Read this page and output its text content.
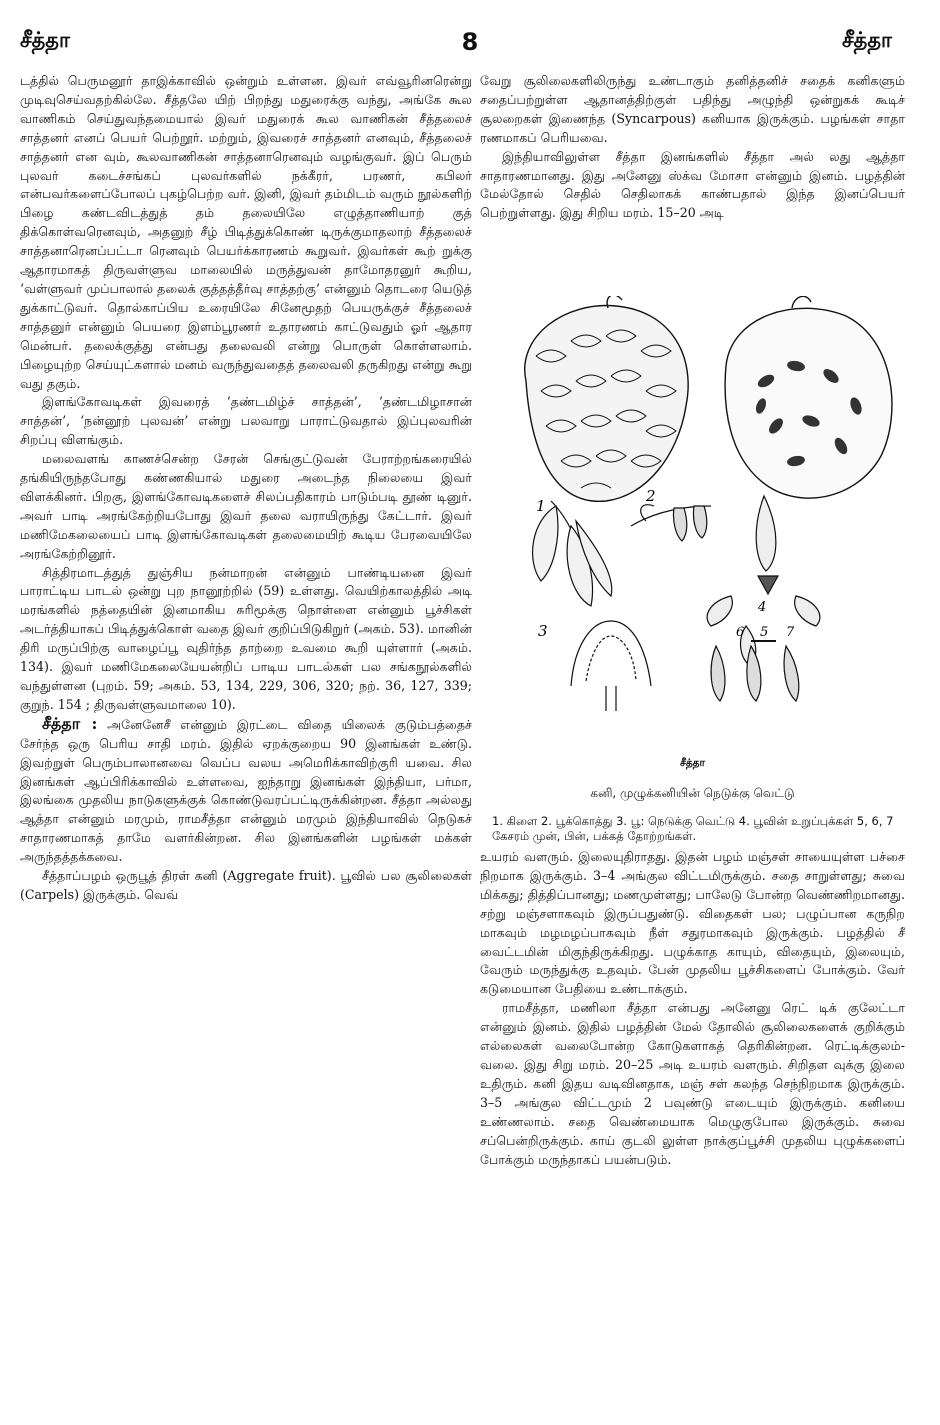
சீத்தா	8	சீத்தா

டத்தில் பெருமனூர் தாஇக்காவில் ஒன்றும் உள்ளன. இவர் எவ்வூரினரென்று முடிவுசெய்வதற்கில்லே. சீத்தலே யிற் பிறந்து மதுரைக்கு வந்து, அங்கே கூல வாணிகம் செய்துவந்தமையால் இவர் மதுரைக் கூல வாணிகன் சீத்தலைச் சாத்தனர் எனப் பெயர் பெற்றூர். மற்றும், இவரைச் சாத்தனர் எனவும், சீத்தலைச் சாத்தனர் என வும், கூலவாணிகன் சாத்தனாரெனவும் வழங்குவர். இப் பெரும் புலவர் கடைச்சங்கப் புலவர்களில் நக்கீரர், பரணர், கபிலர் என்பவர்களைப்போலப் புகழ்பெற்ற வர். இனி, இவர் தம்மிடம் வரும் நூல்களிற் பிழை கண்டவிடத்துத் தம் தலையிலே எழுத்தாணியாற் குத் திக்கொள்வரெனவும், அதனுற் சீழ் பிடித்துக்கொண் டிருக்குமாதலாற் சீத்தலைச் சாத்தனாரெனப்பட்டா ரெனவும் பெயர்க்காரணம் கூறுவர். இவர்கள் கூற் றுக்கு ஆதாரமாகத் திருவள்ளுவ மாலையில் மருத்துவன் தாமோதரனுர் கூறிய, ‘வள்ளுவர் முப்பாலால் தலைக் குத்தத்தீர்வு சாத்தற்கு’ என்னும் தொடரை யெடுத் துக்காட்டுவர். தொல்காப்பிய உரையிலே சினேமூதற் பெயருக்குச் சீத்தலைச் சாத்தனுர் என்னும் பெயரை இளம்பூரணர் உதாரணம் காட்டுவதும் ஓர் ஆதார மென்பர். தலைக்குத்து என்பது தலைவலி என்று பொருள் கொள்ளலாம். பிழையுற்ற செய்யுட்களால் மனம் வருந்துவதைத் தலைவலி தருகிறது என்று கூறு வது தகும்.

இளங்கோவடிகள் இவரைத் ‘தண்டமிழ்ச் சாத்தன்’, ‘தண்டமிழாசான் சாத்தன்’, ‘நன்னூற் புலவன்’ என்று பலவாறு பாராட்டுவதால் இப்புலவரின் சிறப்பு விளங்கும்.

மலைவளங் காணச்சென்ற சேரன் செங்குட்டுவன் பேராற்றங்கரையில் தங்கியிருந்தபோது கண்ணகியால் மதுரை அடைந்த நிலையை இவர் விளக்கினர். பிறகு, இளங்கோவடிகளைச் சிலப்பதிகாரம் பாடும்படி தூண் டினுர். அவர் பாடி அரங்கேற்றியபோது இவர் தலை வராயிருந்து கேட்டார். இவர் மணிமேகலையைப் பாடி இளங்கோவடிகள் தலைமையிற் கூடிய பேரவையிலே அரங்கேற்றினூர்.

சித்திரமாடத்துத் துஞ்சிய நன்மாறன் என்னும் பாண்டியனை இவர் பாராட்டிய பாடல் ஒன்று புற நானூற்றில் (59) உள்ளது. வெயிற்காலத்தில் அடி மரங்களில் நத்தையின் இனமாகிய சுரிமூக்கு நொள்ளை என்னும் பூச்சிகள் அடர்த்தியாகப் பிடித்துக்கொள் வதை இவர் குறிப்பிடுகிறுர் (அகம். 53). மானின் திரி மருப்பிற்கு வாழைப்பூ வுதிர்ந்த தாற்றை உவமை கூறி யுள்ளார் (அகம். 134). இவர் மணிமேகலையேயன்றிப் பாடிய பாடல்கள் பல சங்கநூல்களில் வந்துள்ளன (புறம். 59; அகம். 53, 134, 229, 306, 320; நற். 36, 127, 339; குறுந். 154 ; திருவள்ளுவமாலை 10).

சீத்தா : அனேனேசீ என்னும் இரட்டை விதை யிலைக் குடும்பத்தைச் சேர்ந்த ஒரு பெரிய சாதி மரம். இதில் ஏறக்குறைய 90 இனங்கள் உண்டு. இவற்றுள் பெரும்பாலானவை வெப்ப வலய அமெரிக்காவிற்குரி யவை. சில இனங்கள் ஆப்பிரிக்காவில் உள்ளவை, ஐந்தாறு இனங்கள் இந்தியா, பர்மா, இலங்கை முதலிய நாடுகளுக்குக் கொண்டுவரப்பட்டிருக்கின்றன. சீத்தா அல்லது ஆத்தா என்னும் மரமும், ராமசீத்தா என்னும் மரமும் இந்தியாவில் நெடுகச் சாதாரணமாகத் தாமே வளர்கின்றன. சில இனங்களின் பழங்கள் மக்கள் அருந்தத்தக்கவை.

சீத்தாப்பழம் ஒருபூத் திரள் கனி (Aggregate fruit). பூவில் பல சூலிலைகள் (Carpels) இருக்கும். வெவ்

வேறு சூலிலைகளிலிருந்து உண்டாகும் தனித்தனிச் சதைக் கனிகளும் சதைப்பற்றுள்ள ஆதானத்திற்குள் பதிந்து அழுந்தி ஒன்றுகக் கூடிச் சூலறைகள் இணைந்த (Syncarpous) கனியாக இருக்கும். பழங்கள் சாதா ரணமாகப் பெரியவை.

இந்தியாவிலுள்ள சீத்தா இனங்களில் சீத்தா அல் லது ஆத்தா சாதாரணமானது. இது அனேனு ஸ்க்வ மோசா என்னும் இனம். பழத்தின் மேல்தோல் செதில் செதிலாகக் காண்பதால் இந்த இனப்பெயர் பெற்றுள்ளது. இது சிறிய மரம். 15–20 அடி

1
2
3
4
5
6	7
சீத்தா
கனி, முழுக்கனியின் நெடுக்கு வெட்டு
1. கிளை 2. பூக்கொத்து 3. பூ: நெடுக்கு வெட்டு 4. பூவின் உறுப்புக்கள் 5, 6, 7 கேசரம் முன், பின், பக்கத் தோற்றங்கள்.

உயரம் வளரும். இலையுதிராதது. இதன் பழம் மஞ்சள் சாயையுள்ள பச்சை நிறமாக இருக்கும். 3–4 அங்குல விட்டமிருக்கும். சதை சாறுள்ளது; சுவை மிக்கது; தித்திப்பானது; மணமுள்ளது; பாலேடு போன்ற வெண்ணிறமானது. சற்று மஞ்சளாகவும் இருப்பதுண்டு. விதைகள் பல; பழுப்பான கருநிற மாகவும் மழமழப்பாகவும் நீள் சதுரமாகவும் இருக்கும். பழத்தில் சீ வைட்டமின் மிகுந்திருக்கிறது. பழுக்காத காயும், விதையும், இலையும், வேரும் மருந்துக்கு உதவும். பேன் முதலிய பூச்சிகளைப் போக்கும். வேர் கடுமையான பேதியை உண்டாக்கும்.

ராமசீத்தா, மணிலா சீத்தா என்பது அனேனு ரெட் டிக் குலேட்டா என்னும் இனம். இதில் பழத்தின் மேல் தோலில் சூலிலைகளைக் குறிக்கும் எல்லைகள் வலைபோன்ற கோடுகளாகத் தெரிகின்றன. ரெட்டிக்குலம்-வலை. இது சிறு மரம். 20–25 அடி உயரம் வளரும். சிறிதள வுக்கு இலை உதிரும். கனி இதய வடிவினதாக, மஞ் சள் கலந்த செந்நிறமாக இருக்கும். 3–5 அங்குல விட்டமும் 2 பவுண்டு எடையும் இருக்கும். கனியை உண்ணலாம். சதை வெண்மையாக மெழுகுபோல இருக்கும். சுவை சப்பென்றிருக்கும். காய் குடலி லுள்ள நாக்குப்பூச்சி முதலிய புழுக்களைப் போக்கும் மருந்தாகப் பயன்படும்.
